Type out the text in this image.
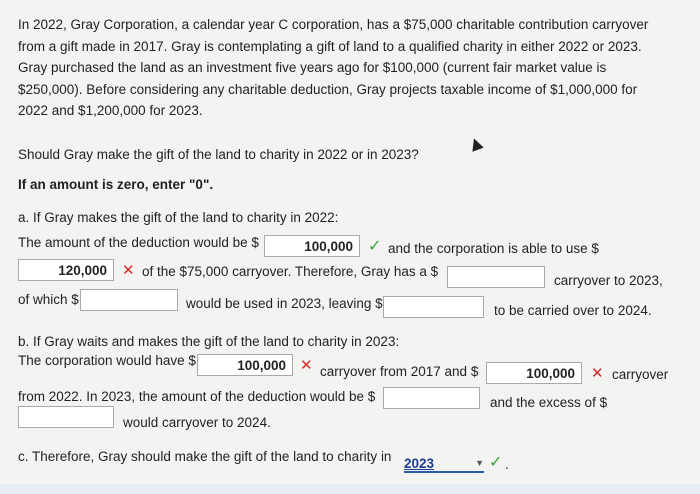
In 2022, Gray Corporation, a calendar year C corporation, has a $75,000 charitable contribution carryover
from a gift made in 2017. Gray is contemplating a gift of land to a qualified charity in either 2022 or 2023.
Gray purchased the land as an investment five years ago for $100,000 (current fair market value is
$250,000). Before considering any charitable deduction, Gray projects taxable income of $1,000,000 for
2022 and $1,200,000 for 2023.
Should Gray make the gift of the land to charity in 2022 or in 2023?
If an amount is zero, enter "0".
a. If Gray makes the gift of the land to charity in 2022:
The amount of the deduction would be $	100,000 ✓ and the corporation is able to use $
120,000	✕ of the $75,000 carryover. Therefore, Gray has a $
carryover to 2023,
of which $	would be used in 2023, leaving $	to be carried over to 2024.
b. If Gray waits and makes the gift of the land to charity in 2023:
The corporation would have $	100,000 ✕ carryover from 2017 and $	100,000	✕ carryover
from 2022. In 2023, the amount of the deduction would be $	and the excess of $
would carryover to 2024.
c. Therefore, Gray should make the gift of the land to charity in 2023	▼ ✓ .
